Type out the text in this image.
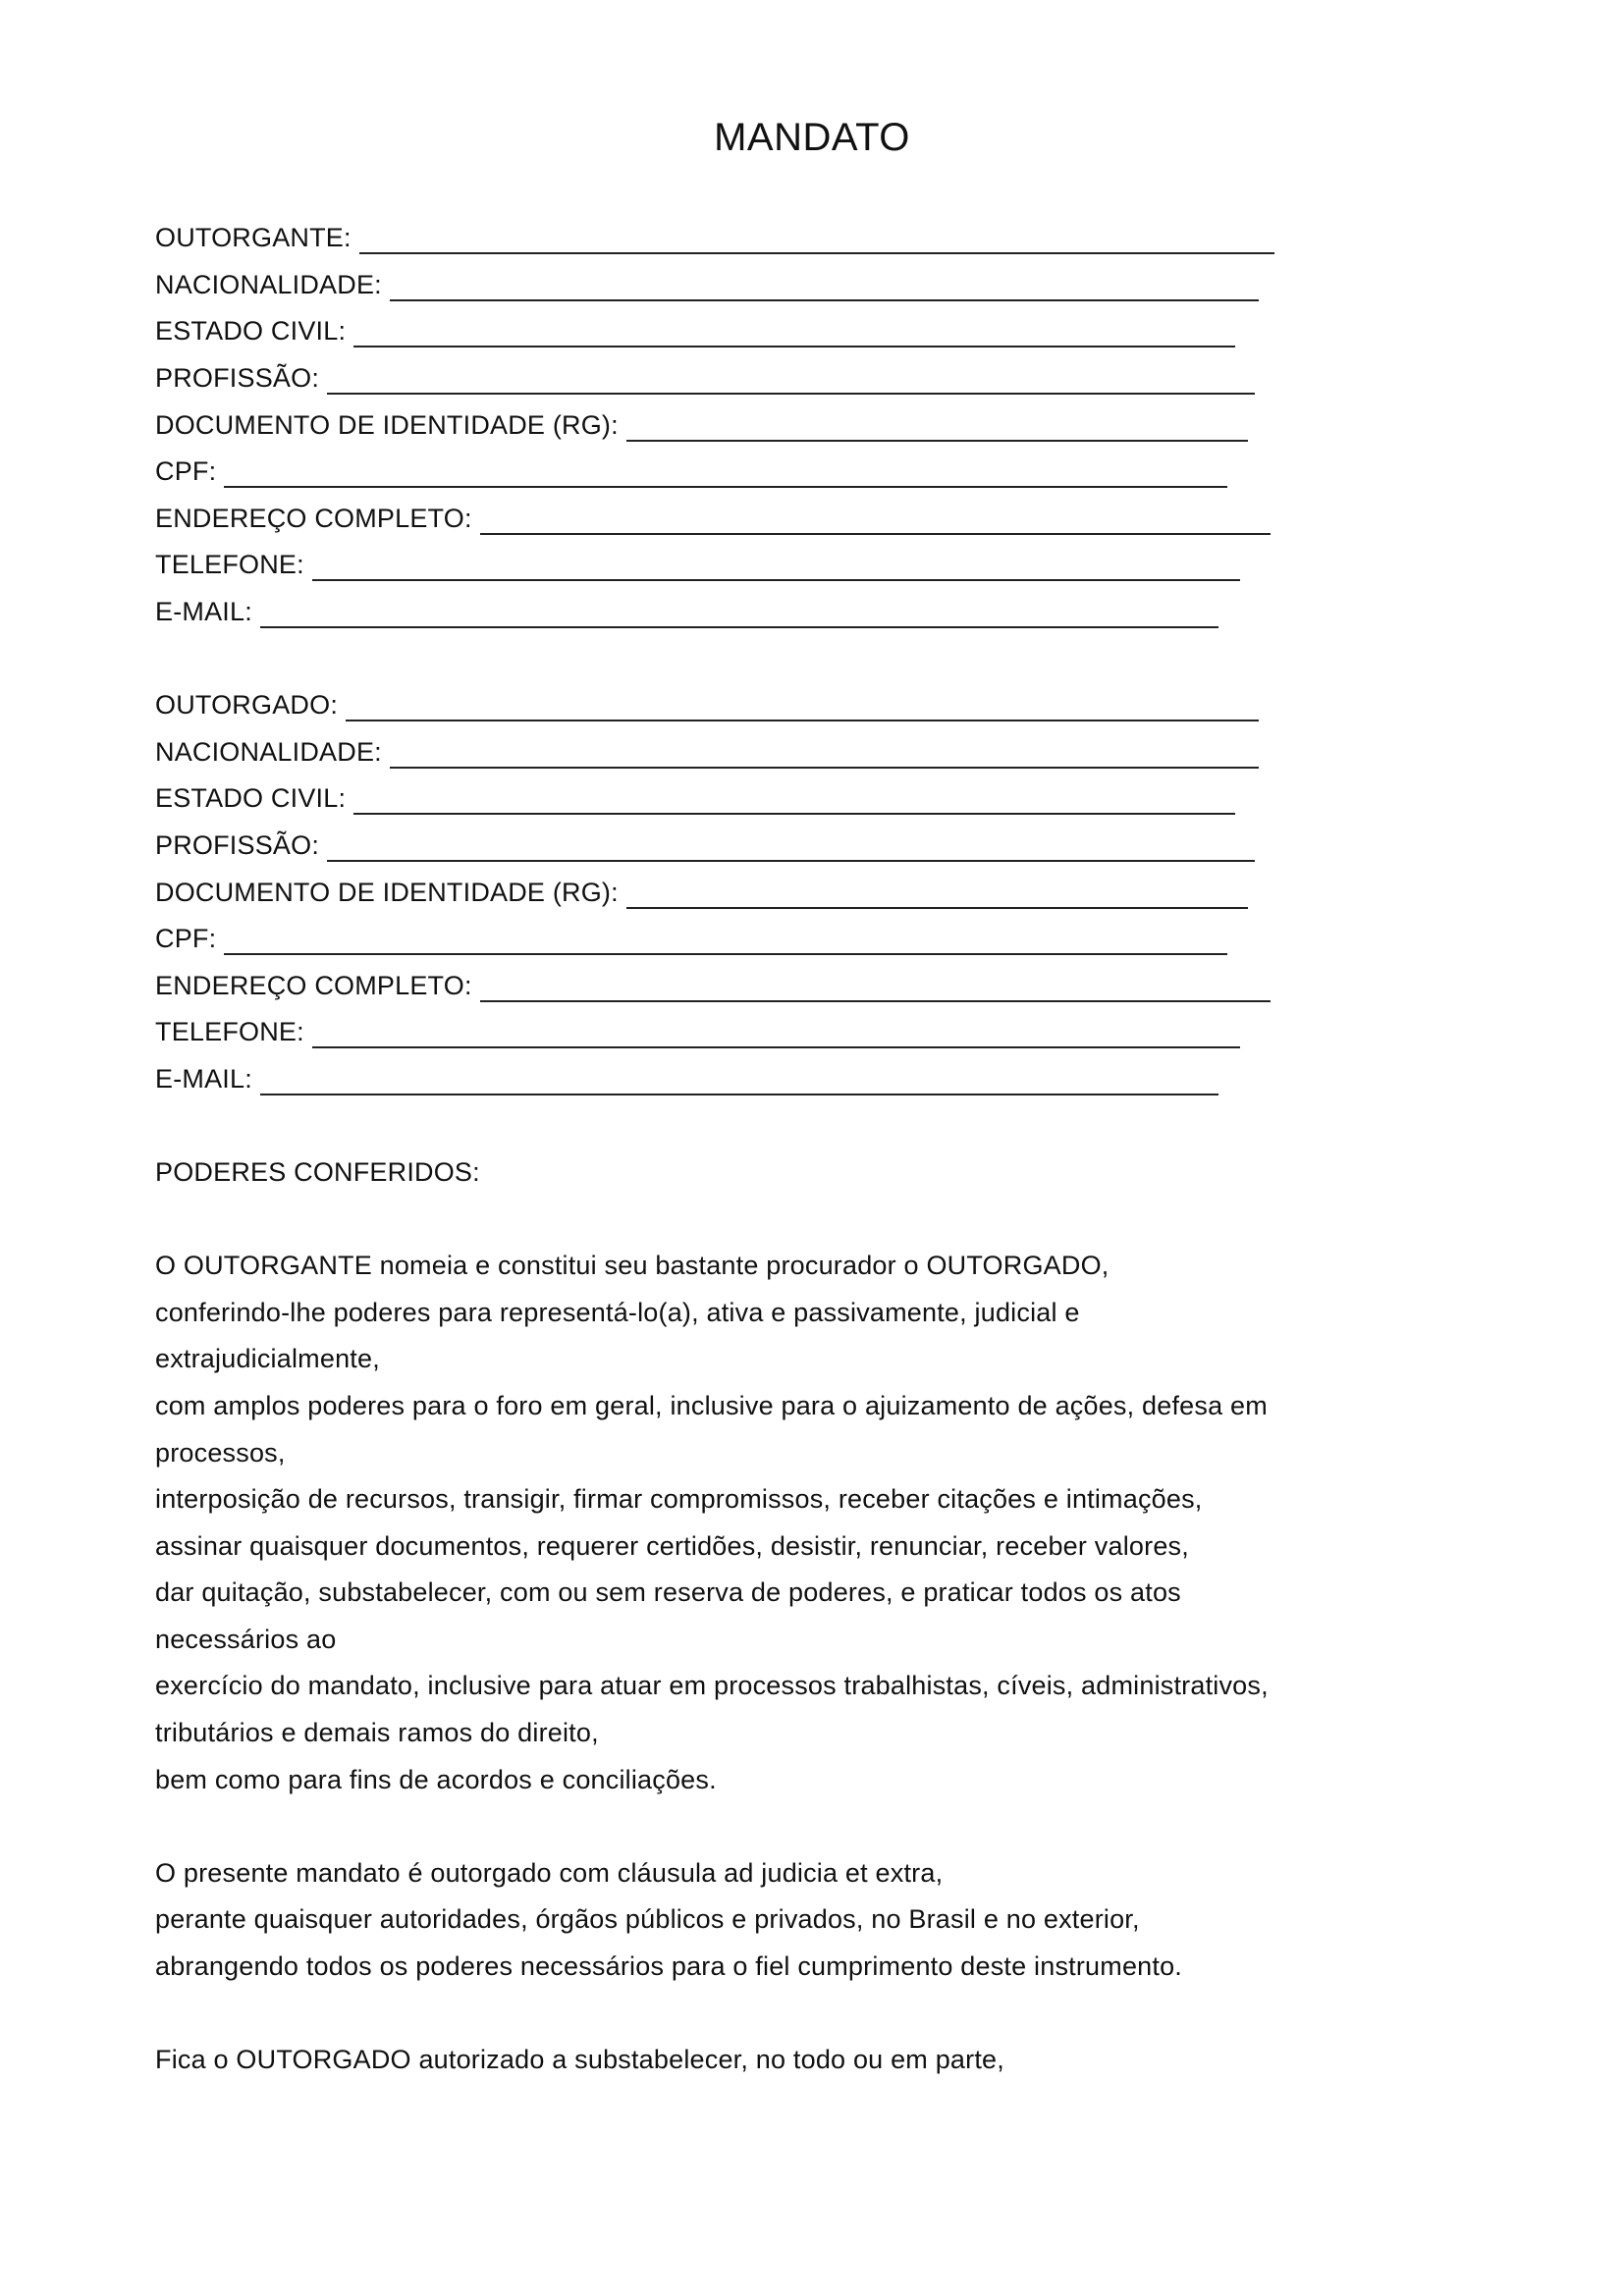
MANDATO
OUTORGANTE:
NACIONALIDADE:
ESTADO CIVIL:
PROFISSÃO:
DOCUMENTO DE IDENTIDADE (RG):
CPF:
ENDEREÇO COMPLETO:
TELEFONE:
E-MAIL:
OUTORGADO:
NACIONALIDADE:
ESTADO CIVIL:
PROFISSÃO:
DOCUMENTO DE IDENTIDADE (RG):
CPF:
ENDEREÇO COMPLETO:
TELEFONE:
E-MAIL:
PODERES CONFERIDOS:
O OUTORGANTE nomeia e constitui seu bastante procurador o OUTORGADO,
conferindo-lhe poderes para representá-lo(a), ativa e passivamente, judicial e
extrajudicialmente,
com amplos poderes para o foro em geral, inclusive para o ajuizamento de ações, defesa em
processos,
interposição de recursos, transigir, firmar compromissos, receber citações e intimações,
assinar quaisquer documentos, requerer certidões, desistir, renunciar, receber valores,
dar quitação, substabelecer, com ou sem reserva de poderes, e praticar todos os atos
necessários ao
exercício do mandato, inclusive para atuar em processos trabalhistas, cíveis, administrativos,
tributários e demais ramos do direito,
bem como para fins de acordos e conciliações.
O presente mandato é outorgado com cláusula ad judicia et extra,
perante quaisquer autoridades, órgãos públicos e privados, no Brasil e no exterior,
abrangendo todos os poderes necessários para o fiel cumprimento deste instrumento.
Fica o OUTORGADO autorizado a substabelecer, no todo ou em parte,
